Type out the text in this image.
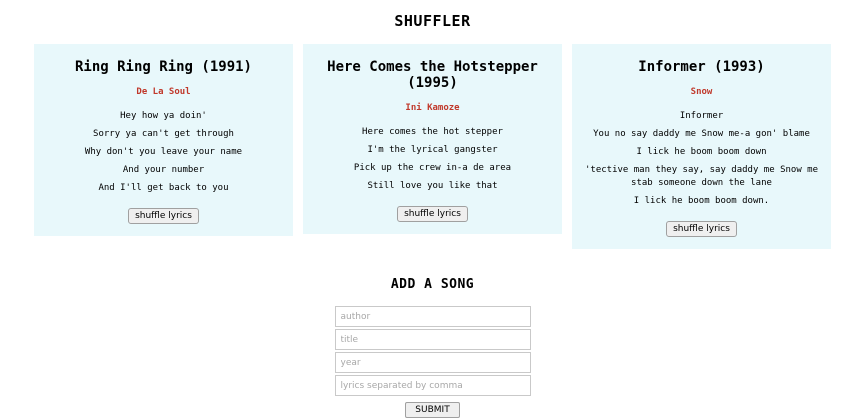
SHUFFLER
Ring Ring Ring (1991)
De La Soul
Hey how ya doin'
Sorry ya can't get through
Why don't you leave your name
And your number
And I'll get back to you
shuffle lyrics
Here Comes the Hotstepper (1995)
Ini Kamoze
Here comes the hot stepper
I'm the lyrical gangster
Pick up the crew in-a de area
Still love you like that
shuffle lyrics
Informer (1993)
Snow
Informer
You no say daddy me Snow me-a gon' blame
I lick he boom boom down
'tective man they say, say daddy me Snow me stab someone down the lane
I lick he boom boom down.
shuffle lyrics
ADD A SONG
author
title
year
lyrics separated by comma
SUBMIT
